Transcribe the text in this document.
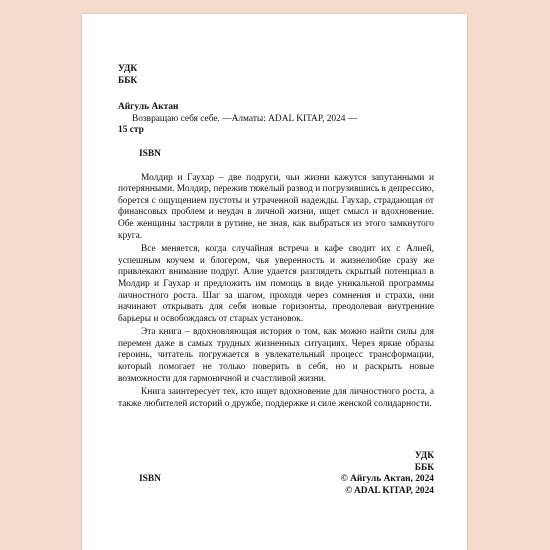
УДК
ББК
Айгуль Актан
Возвращаю себя себе. —Алматы: ADAL KITAP, 2024 —
15 стр
ISBN

Молдир и Гаухар – две подруги, чьи жизни кажутся запутанными и потерянными. Молдир, пережив тяжелый развод и погрузившись в депрессию, борется с ощущением пустоты и утраченной надежды. Гаухар, страдающая от финансовых проблем и неудач в личной жизни, ищет смысл и вдохновение. Обе женщины застряли в рутине, не зная, как выбраться из этого замкнутого круга.

Все меняется, когда случайная встреча в кафе сводит их с Алией, успешным коучем и блогером, чья уверенность и жизнелюбие сразу же привлекают внимание подруг. Алие удается разглядеть скрытый потенциал в Молдир и Гаухар и предложить им помощь в виде уникальной программы личностного роста. Шаг за шагом, проходя через сомнения и страхи, они начинают открывать для себя новые горизонты, преодолевая внутренние барьеры и освобождаясь от старых установок.

Эта книга – вдохновляющая история о том, как можно найти силы для перемен даже в самых трудных жизненных ситуациях. Через яркие образы героинь, читатель погружается в увлекательный процесс трансформации, который помогает не только поверить в себя, но и раскрыть новые возможности для гармоничной и счастливой жизни.

Книга заинтересует тех, кто ищет вдохновение для личностного роста, а также любителей историй о дружбе, поддержке и силе женской солидарности.

УДК
ББК
© Айгуль Актан, 2024
© ADAL KITAP, 2024
ISBN
